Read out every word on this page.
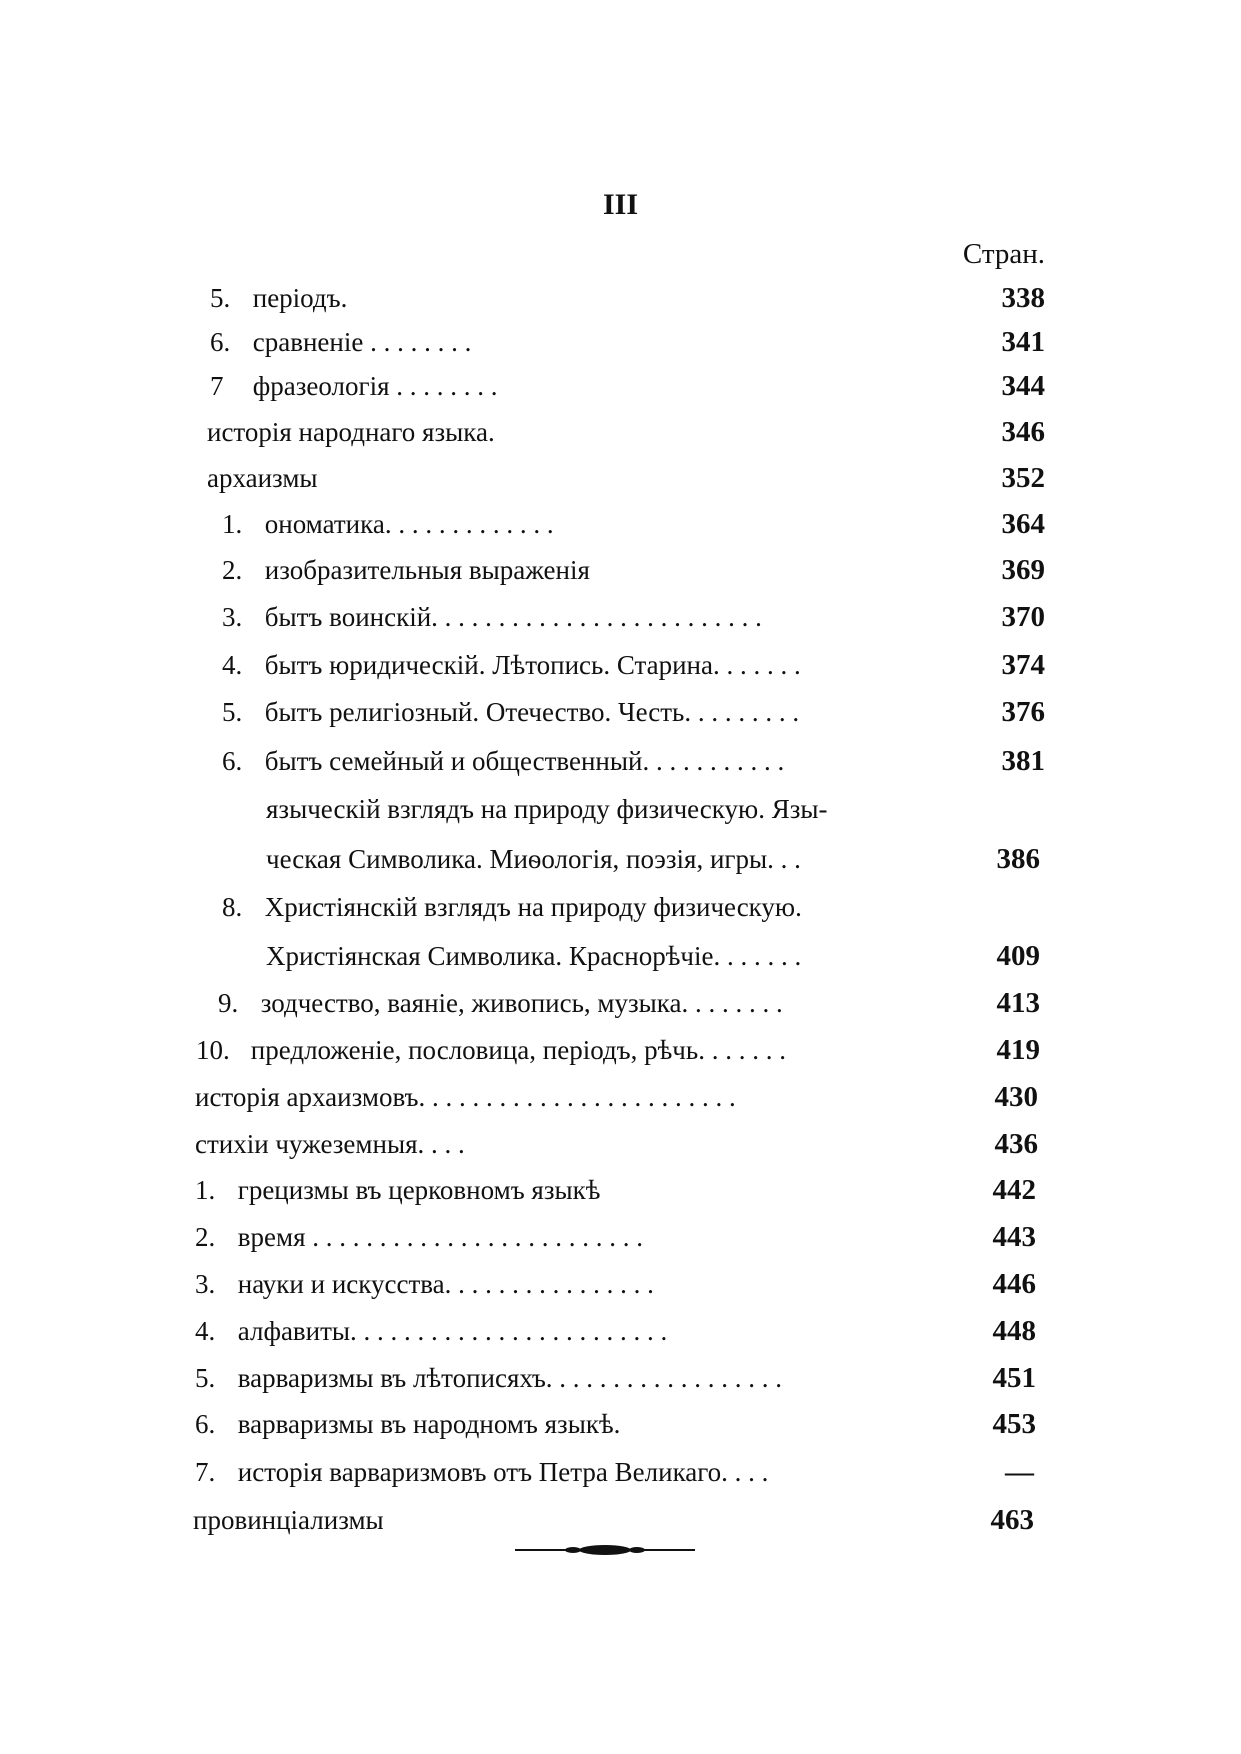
III
Стран.
5. періодъ.	338
6. сравненіе . . . . . . . .	341
7 фразеологія . . . . . . . .	344
исторія народнаго языка.	346
архаизмы	352
1. ономатика. . . . . . . . . . . . .	364
2. изобразительныя выраженія	369
3. бытъ воинскій. . . . . . . . . . . . . . . . . . . . . . . . .	370
4. бытъ юридическій. Лѣтопись. Старина. . . . . . .	374
5. бытъ религіозный. Отечество. Честь. . . . . . . . .	376
6. бытъ семейный и общественный. . . . . . . . . . .	381
языческій взглядъ на природу физическую. Язы-
ческая Символика. Миѳологія, поэзія, игры. . .	386
8. Христіянскій взглядъ на природу физическую.
Христіянская Символика. Краснорѣчіе. . . . . . .	409
9. зодчество, ваяніе, живопись, музыка. . . . . . . .	413
10. предложеніе, пословица, періодъ, рѣчь. . . . . . .	419
исторія архаизмовъ. . . . . . . . . . . . . . . . . . . . . . . .	430
стихіи чужеземныя. . . .	436
1. грецизмы въ церковномъ языкѣ	442
2. время . . . . . . . . . . . . . . . . . . . . . . . . .	443
3. науки и искусства. . . . . . . . . . . . . . . .	446
4. алфавиты. . . . . . . . . . . . . . . . . . . . . . . .	448
5. варваризмы въ лѣтописяхъ. . . . . . . . . . . . . . . . . .	451
6. варваризмы въ народномъ языкѣ.	453
7. исторія варваризмовъ отъ Петра Великаго. . . .	—
провинціализмы	463
